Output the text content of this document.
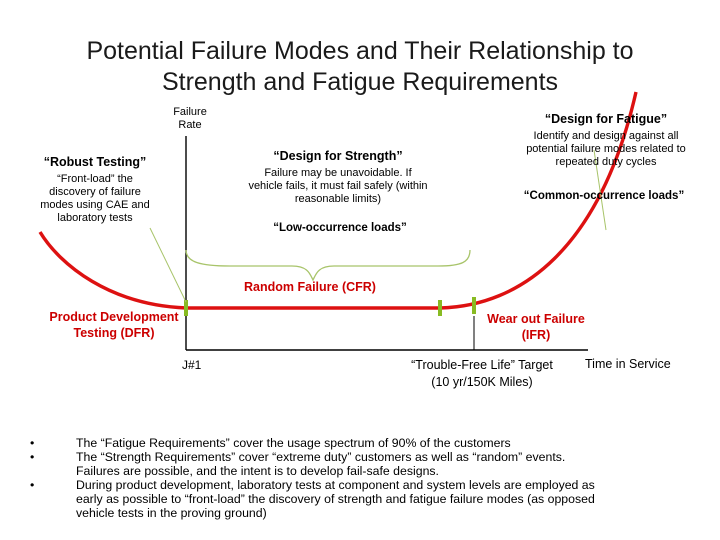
Potential Failure Modes and Their Relationship to
Strength and Fatigue Requirements
Failure
Rate
“Robust Testing”
“Front-load” the
discovery of failure
modes using CAE and
laboratory tests
“Design for Strength”
Failure may be unavoidable. If
vehicle fails, it must fail safely (within
reasonable limits)
“Low-occurrence loads”
“Design for Fatigue”
Identify and design against all
potential failure modes related to
repeated duty cycles
“Common-occurrence loads”
Random Failure (CFR)
Product Development
Testing (DFR)
Wear out Failure
(IFR)
J#1	“Trouble-Free Life” Target
(10 yr/150K Miles)
Time in Service
•	The “Fatigue Requirements” cover the usage spectrum of 90% of the customers
•	The “Strength Requirements” cover “extreme duty” customers as well as “random” events.
Failures are possible, and the intent is to develop fail-safe designs.
•	During product development, laboratory tests at component and system levels are employed as
early as possible to “front-load” the discovery of strength and fatigue failure modes (as opposed
vehicle tests in the proving ground)
